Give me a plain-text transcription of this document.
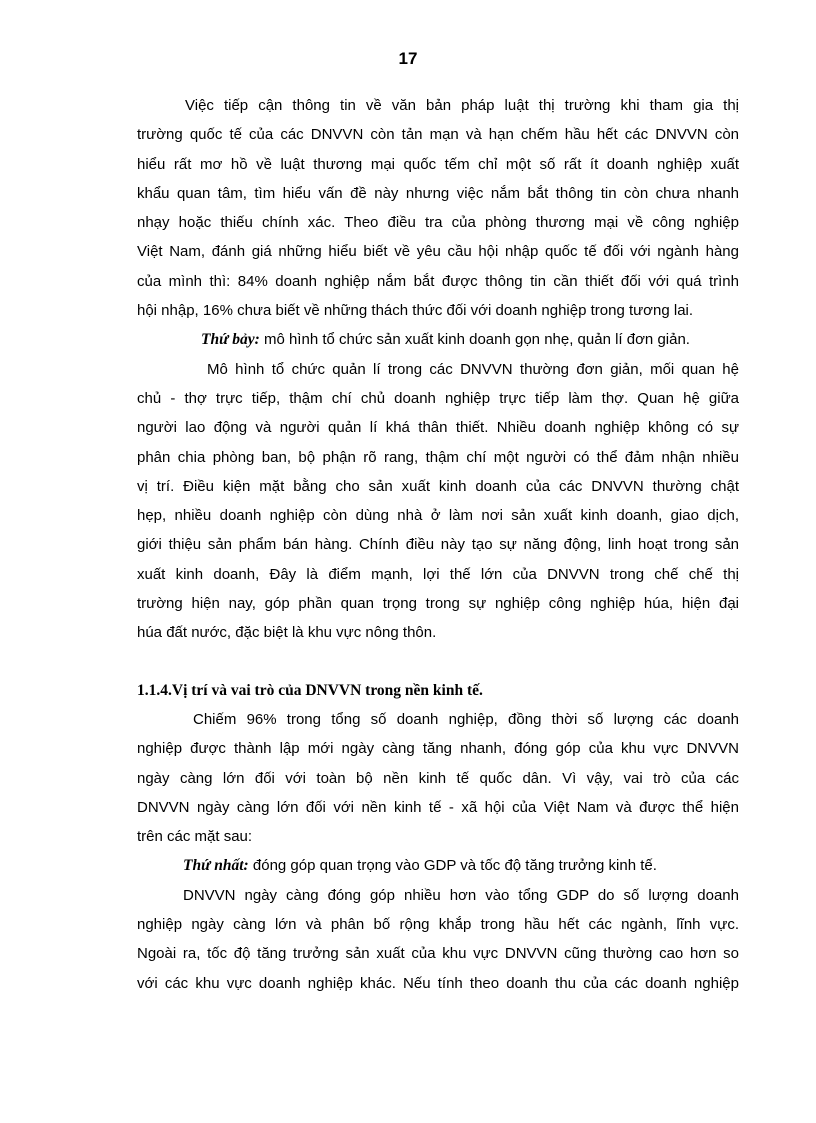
17
Việc tiếp cận thông tin về văn bản pháp luật thị trường khi tham gia thị
trường quốc tế của các DNVVN còn tản mạn và hạn chếm hầu hết các DNVVN còn
hiểu rất mơ hồ về luật thương mại quốc tếm chỉ một số rất ít doanh nghiệp xuất
khẩu quan tâm, tìm hiểu vấn đề này nhưng việc nắm bắt thông tin còn chưa nhanh
nhạy hoặc thiếu chính xác. Theo điều tra của phòng thương mại về công nghiệp
Việt Nam, đánh giá những hiểu biết về yêu cầu hội nhập quốc tế đối với ngành hàng
của mình thì: 84% doanh nghiệp nắm bắt được thông tin cần thiết đối với quá trình
hội nhập, 16% chưa biết về những thách thức đối với doanh nghiệp trong tương lai.
Thứ bảy: mô hình tổ chức sản xuất kinh doanh gọn nhẹ, quản lí đơn giản.
Mô hình tổ chức quản lí trong các DNVVN thường đơn giản, mối quan hệ
chủ - thợ trực tiếp, thậm chí chủ doanh nghiệp trực tiếp làm thợ. Quan hệ giữa
người lao động và người quản lí khá thân thiết. Nhiều doanh nghiệp không có sự
phân chia phòng ban, bộ phận rõ rang, thậm chí một người có thể đảm nhận nhiều
vị trí. Điều kiện mặt bằng cho sản xuất kinh doanh của các DNVVN thường chật
hẹp, nhiều doanh nghiệp còn dùng nhà ở làm nơi sản xuất kinh doanh, giao dịch,
giới thiệu sản phẩm bán hàng. Chính điều này tạo sự năng động, linh hoạt trong sản
xuất kinh doanh, Đây là điểm mạnh, lợi thế lớn của DNVVN trong chế chế thị
trường hiện nay, góp phần quan trọng trong sự nghiệp công nghiệp húa, hiện đại
húa đất nước, đặc biệt là khu vực nông thôn.
1.1.4.Vị trí và vai trò của DNVVN trong nền kinh tế.
Chiếm 96% trong tổng số doanh nghiệp, đồng thời số lượng các doanh
nghiệp được thành lập mới ngày càng tăng nhanh, đóng góp của khu vực DNVVN
ngày càng lớn đối với toàn bộ nền kinh tế quốc dân. Vì vậy, vai trò của các
DNVVN ngày càng lớn đối với nền kinh tế - xã hội của Việt Nam và được thể hiện
trên các mặt sau:
Thứ nhất: đóng góp quan trọng vào GDP và tốc độ tăng trưởng kinh tế.
DNVVN ngày càng đóng góp nhiều hơn vào tổng GDP do số lượng doanh
nghiệp ngày càng lớn và phân bố rộng khắp trong hầu hết các ngành, lĩnh vực.
Ngoài ra, tốc độ tăng trưởng sản xuất của khu vực DNVVN cũng thường cao hơn so
với các khu vực doanh nghiệp khác. Nếu tính theo doanh thu của các doanh nghiệp
